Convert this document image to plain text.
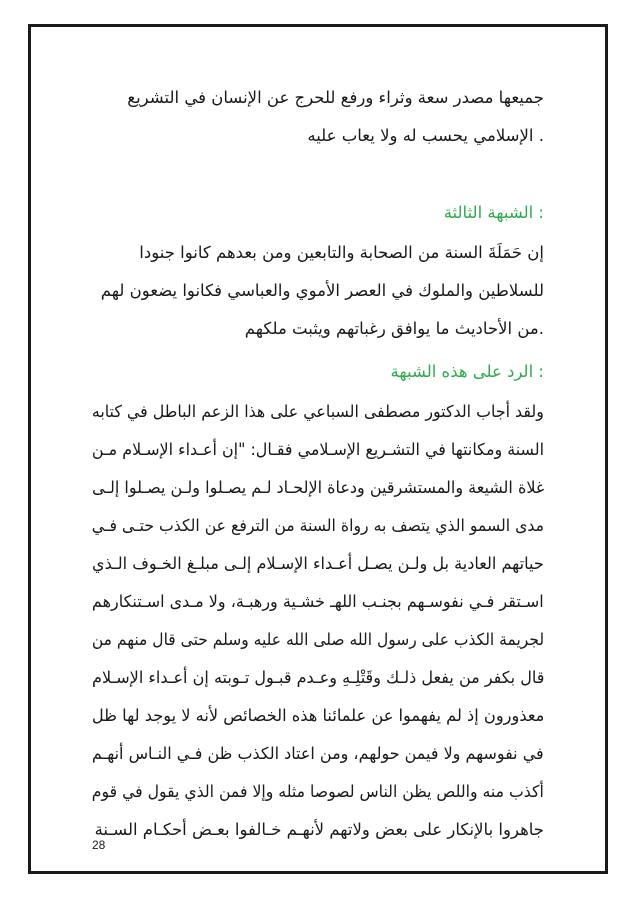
جميعها مصدر سعة وثراء ورفع للحرج عن الإنسان في التشريع
الإسلامي يحسب له ولا يعاب عليه .
الشبهة الثالثة :
إن حَمَلَةَ السنة من الصحابة والتابعين ومن بعدهم كانوا جنودا
للسلاطين والملوك في العصر الأموي والعباسي فكانوا يضعون لهم
من الأحاديث ما يوافق رغباتهم ويثبت ملكهم.
الرد على هذه الشبهة :
ولقد أجاب الدكتور مصطفى السباعي على هذا الزعم الباطل في كتابه
السنة ومكانتها في التشـريع الإسـلامي فقـال: "إن أعـداء الإسـلام مـن
غلاة الشيعة والمستشرقين ودعاة الإلحـاد لـم يصـلوا ولـن يصـلوا إلـى
مدى السمو الذي يتصف به رواة السنة من الترفع عن الكذب حتـى فـي
حياتهم العادية بل ولـن يصـل أعـداء الإسـلام إلـى مبلـغ الخـوف الـذي
اسـتقر فـي نفوسـهم بجنـب اللهـ خشـية ورهبـة، ولا مـدى اسـتنكارهم
لجريمة الكذب على رسول الله صلى الله عليه وسلم حتى قال منهم من
قال بكفر من يفعل ذلـك وقَتْلِـهِ وعـدم قبـول تـوبته إن أعـداء الإسـلام
معذورون إذ لم يفهموا عن علمائنا هذه الخصائص لأنه لا يوجد لها ظل
في نفوسهم ولا فيمن حولهم، ومن اعتاد الكذب ظن فـي النـاس أنهـم
أكذب منه واللص يظن الناس لصوصا مثله وإلا فمن الذي يقول في قوم
جاهروا بالإنكار على بعض ولاتهم لأنهـم خـالفوا بعـض أحكـام السـنة
28
